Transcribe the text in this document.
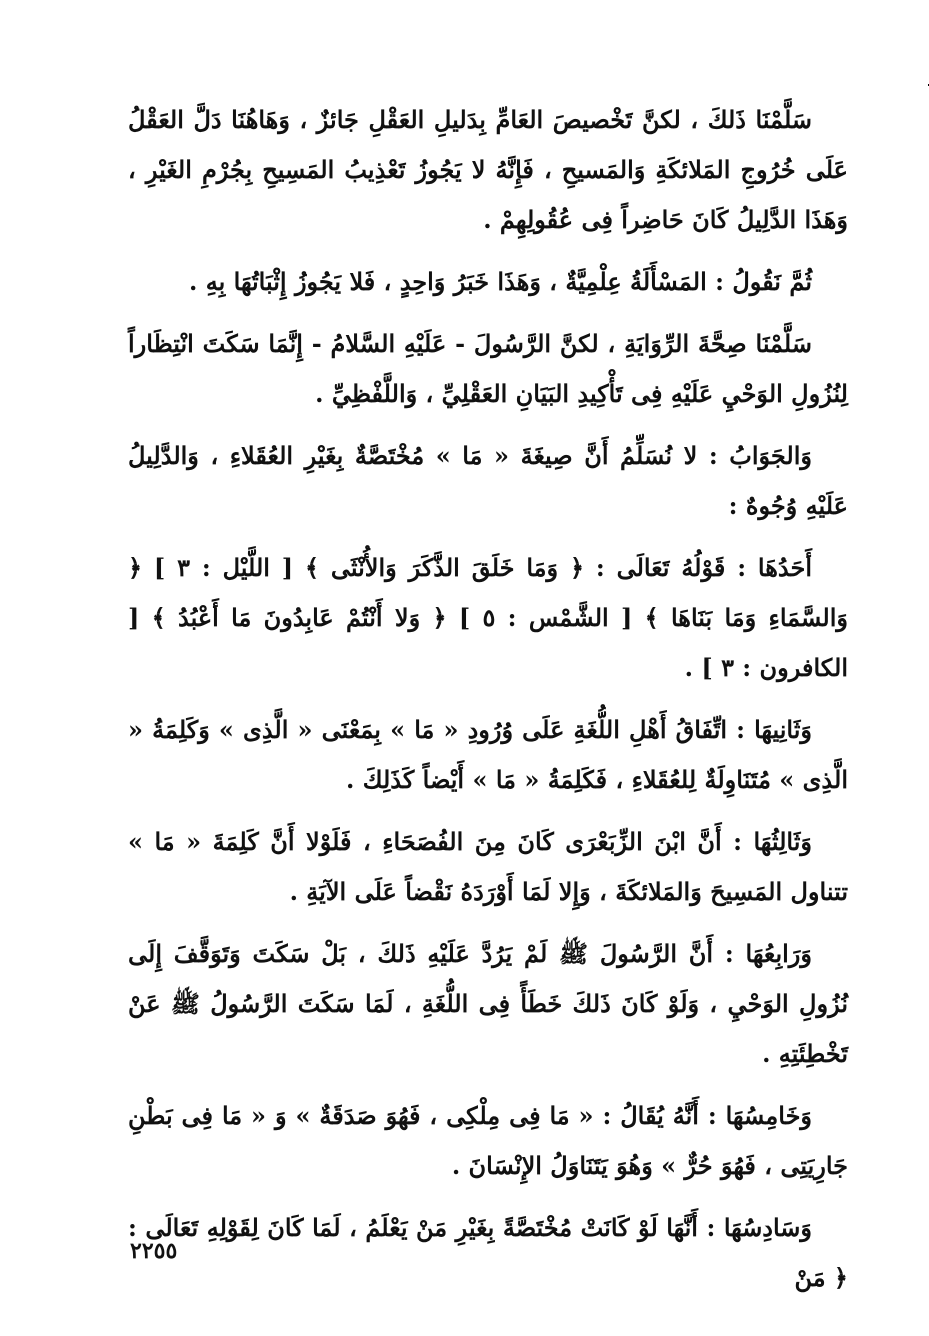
سَلَّمْنَا ذَلكَ ، لكنَّ تَخْصيصَ العَامِّ بِدَليلِ العَقْلِ جَائزٌ ، وَهَاهُنَا دَلَّ العَقْلُ عَلَى خُرُوجِ المَلائكَةِ وَالمَسيحِ ، فَإِنَّهُ لا يَجُوزُ تَعْذِيبُ المَسِيحِ بِجُرْمِ الغَيْرِ ، وَهَذَا الدَّلِيلُ كَانَ حَاضِراً فِى عُقُولِهِمْ .

ثُمَّ نَقُولُ : المَسْأَلَةُ عِلْمِيَّةٌ ، وَهَذَا خَبَرُ وَاحِدٍ ، فَلا يَجُوزُ إِثْبَاتُهَا بِهِ .

سَلَّمْنَا صِحَّةَ الرِّوَايَةِ ، لكنَّ الرَّسُولَ - عَلَيْهِ السَّلامُ - إِنَّمَا سَكَتَ انْتِظَاراً لِنُزُولِ الوَحْيِ عَلَيْهِ فِى تَأْكِيدِ البَيَانِ العَقْلِيِّ ، وَاللَّفْظِيِّ .

وَالجَوَابُ : لا نُسَلِّمُ أَنَّ صِيغَةَ « مَا » مُخْتَصَّةٌ بِغَيْرِ العُقَلاءِ ، وَالدَّلِيلُ عَلَيْهِ وُجُوهٌ :

أَحَدُهَا : قَوْلُهُ تَعَالَى : ﴿ وَمَا خَلَقَ الذَّكَرَ وَالأُنْثَى ﴾ [ اللَّيْل : ٣ ] ﴿ وَالسَّمَاءِ وَمَا بَنَاهَا ﴾ [ الشَّمْس : ٥ ] ﴿ وَلا أَنْتُمْ عَابِدُونَ مَا أَعْبُدُ ﴾ [ الكافرون : ٣ ] .

وَثَانِيهَا : اتِّفَاقُ أَهْلِ اللُّغَةِ عَلَى وُرُودِ « مَا » بِمَعْنَى « الَّذِى » وَكَلِمَةُ « الَّذِى » مُتَنَاوِلَةٌ لِلعُقَلاءِ ، فَكَلِمَةُ « مَا » أَيْضاً كَذَلِكَ .

وَثَالِثُهَا : أَنَّ ابْنَ الزِّبَعْرَى كَانَ مِنَ الفُصَحَاءِ ، فَلَوْلا أَنَّ كَلِمَةَ « مَا » تتناول المَسِيحَ وَالمَلائكَةَ ، وَإِلا لَمَا أَوْرَدَهُ نَقْضاً عَلَى الآيَةِ .

وَرَابِعُهَا : أَنَّ الرَّسُولَ ﷺ لَمْ يَرُدَّ عَلَيْهِ ذَلكَ ، بَلْ سَكَتَ وَتَوَقَّفَ إِلَى نُزُولِ الوَحْيِ ، وَلَوْ كَانَ ذَلكَ خَطَأً فِى اللُّغَةِ ، لَمَا سَكَتَ الرَّسُولُ ﷺ عَنْ تَخْطِئَتِهِ .

وَخَامِسُهَا : أَنَّهُ يُقَالُ : « مَا فِى مِلْكِى ، فَهُوَ صَدَقَةٌ » وَ « مَا فِى بَطْنِ جَارِيَتِى ، فَهُوَ حُرٌّ » وَهُوَ يَتَنَاوَلُ الإِنْسَانَ .

وَسَادِسُهَا : أَنَّهَا لَوْ كَانَتْ مُخْتَصَّةً بِغَيْرِ مَنْ يَعْلَمُ ، لَمَا كَانَ لِقَوْلِهِ تَعَالَى : ﴿ مَنْ

٢٢٥٥
